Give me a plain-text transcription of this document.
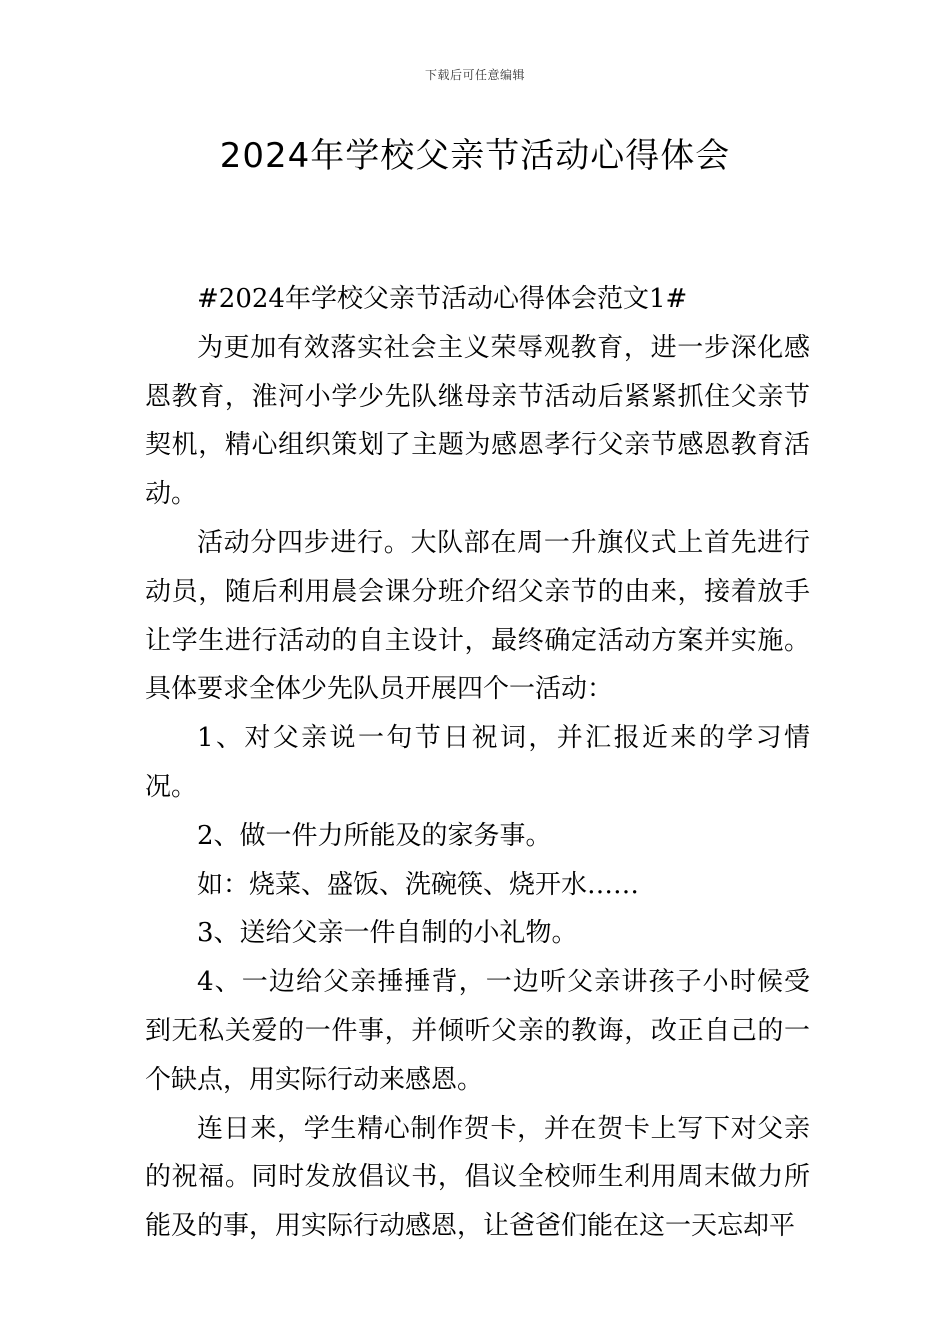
下载后可任意编辑
2024年学校父亲节活动心得体会

#2024年学校父亲节活动心得体会范文1#

为更加有效落实社会主义荣辱观教育，进一步深化感恩教育，淮河小学少先队继母亲节活动后紧紧抓住父亲节契机，精心组织策划了主题为感恩孝行父亲节感恩教育活动。

活动分四步进行。大队部在周一升旗仪式上首先进行动员，随后利用晨会课分班介绍父亲节的由来，接着放手让学生进行活动的自主设计，最终确定活动方案并实施。具体要求全体少先队员开展四个一活动：

1、对父亲说一句节日祝词，并汇报近来的学习情况。

2、做一件力所能及的家务事。

如：烧菜、盛饭、洗碗筷、烧开水……

3、送给父亲一件自制的小礼物。

4、一边给父亲捶捶背，一边听父亲讲孩子小时候受到无私关爱的一件事，并倾听父亲的教诲，改正自己的一个缺点，用实际行动来感恩。

连日来，学生精心制作贺卡，并在贺卡上写下对父亲的祝福。同时发放倡议书，倡议全校师生利用周末做力所能及的事，用实际行动感恩，让爸爸们能在这一天忘却平
